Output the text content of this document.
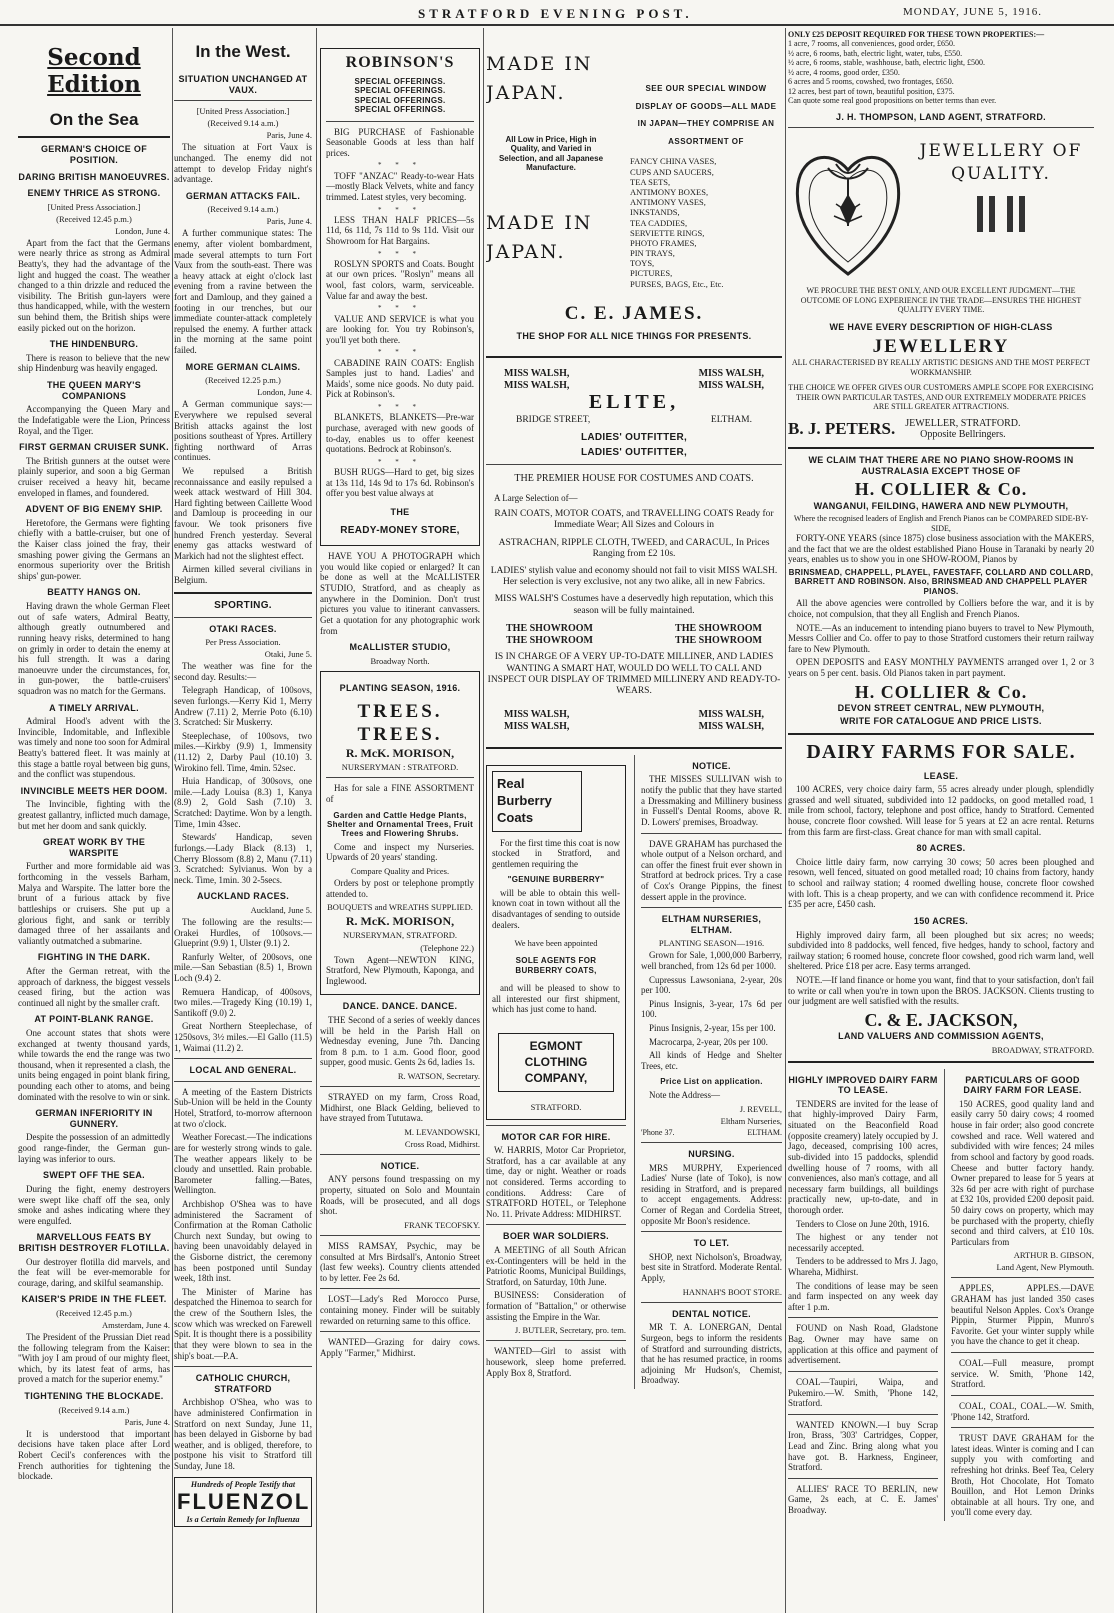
STRATFORD EVENING POST.	MONDAY, JUNE 5, 1916.
Second Edition
On the Sea
GERMAN'S CHOICE OF POSITION.
DARING BRITISH MANOEUVRES.
ENEMY THRICE AS STRONG.
[United Press Association.]
(Received 12.45 p.m.)
London, June 4.

Apart from the fact that the Germans were nearly thrice as strong as Admiral Beatty's, they had the advantage of the light and hugged the coast. The weather changed to a thin drizzle and reduced the visibility. The British gun-layers were thus handicapped, while, with the western sun behind them, the British ships were easily picked out on the horizon.

THE HINDENBURG.

There is reason to believe that the new ship Hindenburg was heavily engaged.

THE QUEEN MARY'S COMPANIONS

Accompanying the Queen Mary and the Indefatigable were the Lion, Princess Royal, and the Tiger.

FIRST GERMAN CRUISER SUNK.

The British gunners at the outset were plainly superior, and soon a big German cruiser received a heavy hit, became enveloped in flames, and foundered.

ADVENT OF BIG ENEMY SHIP.

Heretofore, the Germans were fighting chiefly with a battle-cruiser, but one of the Kaiser class joined the fray, their smashing power giving the Germans an enormous superiority over the British ships' gun-power.

BEATTY HANGS ON.

Having drawn the whole German Fleet out of safe waters, Admiral Beatty, although greatly outnumbered and running heavy risks, determined to hang on grimly in order to detain the enemy at his full strength. It was a daring manoeuvre under the circumstances, for, in gun-power, the battle-cruisers' squadron was no match for the Germans.

A TIMELY ARRIVAL.

Admiral Hood's advent with the Invincible, Indomitable, and Inflexible was timely and none too soon for Admiral Beatty's battered fleet. It was mainly at this stage a battle royal between big guns, and the conflict was stupendous.

INVINCIBLE MEETS HER DOOM.

The Invincible, fighting with the greatest gallantry, inflicted much damage, but met her doom and sank quickly.

GREAT WORK BY THE WARSPITE

Further and more formidable aid was forthcoming in the vessels Barham, Malya and Warspite. The latter bore the brunt of a furious attack by five battleships or cruisers. She put up a glorious fight, and sank or terribly damaged three of her assailants and valiantly outmatched a submarine.

FIGHTING IN THE DARK.

After the German retreat, with the approach of darkness, the biggest vessels ceased firing, but the action was continued all night by the smaller craft.

AT POINT-BLANK RANGE.

One account states that shots were exchanged at twenty thousand yards, while towards the end the range was two thousand, when it represented a clash, the units being engaged in point blank firing, pounding each other to atoms, and being dominated with the resolve to win or sink.

GERMAN INFERIORITY IN GUNNERY.

Despite the possession of an admittedly good range-finder, the German gun-laying was inferior to ours.

SWEPT OFF THE SEA.

During the fight, enemy destroyers were swept like chaff off the sea, only smoke and ashes indicating where they were engulfed.

MARVELLOUS FEATS BY BRITISH DESTROYER FLOTILLA.

Our destroyer flotilla did marvels, and the feat will be ever-memorable for courage, daring, and skilful seamanship.

KAISER'S PRIDE IN THE FLEET.
(Received 12.45 p.m.)
Amsterdam, June 4.

The President of the Prussian Diet read the following telegram from the Kaiser: "With joy I am proud of our mighty fleet, which, by its latest feat of arms, has proved a match for the superior enemy."

TIGHTENING THE BLOCKADE.
(Received 9.14 a.m.)
Paris, June 4.

It is understood that important decisions have taken place after Lord Robert Cecil's conferences with the French authorities for tightening the blockade.

In the West.
SITUATION UNCHANGED AT VAUX.
[United Press Association.]
(Received 9.14 a.m.)
Paris, June 4.

The situation at Fort Vaux is unchanged. The enemy did not attempt to develop Friday night's advantage.

GERMAN ATTACKS FAIL.
(Received 9.14 a.m.)
Paris, June 4.

A further communique states: The enemy, after violent bombardment, made several attempts to turn Fort Vaux from the south-east. There was a heavy attack at eight o'clock last evening from a ravine between the fort and Damloup, and they gained a footing in our trenches, but our immediate counter-attack completely repulsed the enemy. A further attack in the morning at the same point failed.

MORE GERMAN CLAIMS.
(Received 12.25 p.m.)
London, June 4.

A German communique says:— Everywhere we repulsed several British attacks against the lost positions southeast of Ypres. Artillery fighting northward of Arras continues.

We repulsed a British reconnaissance and easily repulsed a week attack westward of Hill 304. Hard fighting between Caillette Wood and Damloup is proceeding in our favour. We took prisoners five hundred French yesterday. Several enemy gas attacks westward of Markich had not the slightest effect.

Airmen killed several civilians in Belgium.

SPORTING.
OTAKI RACES.
Per Press Association.
Otaki, June 5.

The weather was fine for the second day. Results:—

Telegraph Handicap, of 100sovs, seven furlongs.—Kerry Kid 1, Merry Andrew (7.11) 2, Merrie Poto (6.10) 3. Scratched: Sir Muskerry.

Steeplechase, of 100sovs, two miles.—Kirkby (9.9) 1, Immensity (11.12) 2, Darby Paul (10.10) 3. Wirokino fell. Time, 4min. 52sec.

Huia Handicap, of 300sovs, one mile.—Lady Louisa (8.3) 1, Kanya (8.9) 2, Gold Sash (7.10) 3. Scratched: Daytime. Won by a length. Time, 1min 43sec.

Stewards' Handicap, seven furlongs.—Lady Black (8.13) 1, Cherry Blossom (8.8) 2, Manu (7.11) 3. Scratched: Sylvianus. Won by a neck. Time, 1min. 30 2-5secs.

AUCKLAND RACES.
Auckland, June 5.

The following are the results:—Orakei Hurdles, of 100sovs.—Glueprint (9.9) 1, Ulster (9.1) 2.

Ranfurly Welter, of 200sovs, one mile.—San Sebastian (8.5) 1, Brown Loch (9.4) 2.

Remuera Handicap, of 400sovs, two miles.—Tragedy King (10.19) 1, Santikoff (9.0) 2.

Great Northern Steeplechase, of 1250sovs, 3½ miles.—El Gallo (11.5) 1, Waimai (11.2) 2.

LOCAL AND GENERAL.

A meeting of the Eastern Districts Sub-Union will be held in the County Hotel, Stratford, to-morrow afternoon at two o'clock.

Weather Forecast.—The indications are for westerly strong winds to gale. The weather appears likely to be cloudy and unsettled. Rain probable. Barometer falling.—Bates, Wellington.

Archbishop O'Shea was to have administered the Sacrament of Confirmation at the Roman Catholic Church next Sunday, but owing to having been unavoidably delayed in the Gisborne district, the ceremony has been postponed until Sunday week, 18th inst.

The Minister of Marine has despatched the Hinemoa to search for the crew of the Southern Isles, the scow which was wrecked on Farewell Spit. It is thought there is a possibility that they were blown to sea in the ship's boat.—P.A.

CATHOLIC CHURCH, STRATFORD

Archbishop O'Shea, who was to have administered Confirmation in Stratford on next Sunday, June 11, has been delayed in Gisborne by bad weather, and is obliged, therefore, to postpone his visit to Stratford till Sunday, June 18.

Hundreds of People Testify that
FLUENZOL
Is a Certain Remedy for Influenza
ROBINSON'S
SPECIAL OFFERINGS.
SPECIAL OFFERINGS.
SPECIAL OFFERINGS.
SPECIAL OFFERINGS.

BIG PURCHASE of Fashionable Seasonable Goods at less than half prices.

* * *

TOFF "ANZAC" Ready-to-wear Hats —mostly Black Velvets, white and fancy trimmed. Latest styles, very becoming.

* * *

LESS THAN HALF PRICES—5s 11d, 6s 11d, 7s 11d to 9s 11d. Visit our Showroom for Hat Bargains.

* * *

ROSLYN SPORTS and Coats. Bought at our own prices. "Roslyn" means all wool, fast colors, warm, serviceable. Value far and away the best.

* * *

VALUE AND SERVICE is what you are looking for. You try Robinson's, you'll yet both there.

* * *

CABADINE RAIN COATS: English Samples just to hand. Ladies' and Maids', some nice goods. No duty paid. Pick at Robinson's.

* * *

BLANKETS, BLANKETS—Pre-war purchase, averaged with new goods of to-day, enables us to offer keenest quotations. Bedrock at Robinson's.

* * *

BUSH RUGS—Hard to get, big sizes at 13s 11d, 14s 9d to 17s 6d. Robinson's offer you best value always at

THE
READY-MONEY STORE,

HAVE YOU A PHOTOGRAPH which you would like copied or enlarged? It can be done as well at the McALLISTER STUDIO, Stratford, and as cheaply as anywhere in the Dominion. Don't trust pictures you value to itinerant canvassers. Get a quotation for any photographic work from

McALLISTER STUDIO,
Broadway North.
PLANTING SEASON, 1916.
TREES.
TREES.
R. McK. MORISON,
NURSERYMAN : STRATFORD.

Has for sale a FINE ASSORTMENT of

Garden and Cattle Hedge Plants, Shelter and Ornamental Trees, Fruit Trees and Flowering Shrubs.

Come and inspect my Nurseries. Upwards of 20 years' standing.

Compare Quality and Prices.

Orders by post or telephone promptly attended to.

BOUQUETS and WREATHS SUPPLIED.
R. McK. MORISON,
NURSERYMAN, STRATFORD.
(Telephone 22.)

Town Agent—NEWTON KING, Stratford, New Plymouth, Kaponga, and Inglewood.

DANCE. DANCE. DANCE.

THE Second of a series of weekly dances will be held in the Parish Hall on Wednesday evening, June 7th. Dancing from 8 p.m. to 1 a.m. Good floor, good supper, good music. Gents 2s 6d, ladies 1s.

R. WATSON, Secretary.

STRAYED on my farm, Cross Road, Midhirst, one Black Gelding, believed to have strayed from Tututawa.

M. LEVANDOWSKI,
Cross Road, Midhirst.
NOTICE.

ANY persons found trespassing on my property, situated on Solo and Mountain Roads, will be prosecuted, and all dogs shot.

FRANK TECOFSKY.

MISS RAMSAY, Psychic, may be consulted at Mrs Birdsall's, Antonio Street (last few weeks). Country clients attended to by letter. Fee 2s 6d.

LOST—Lady's Red Morocco Purse, containing money. Finder will be suitably rewarded on returning same to this office.

WANTED—Grazing for dairy cows. Apply "Farmer," Midhirst.

MADE IN JAPAN.
All Low in Price, High in Quality, and Varied in Selection, and all Japanese Manufacture.
MADE IN JAPAN.
SEE OUR SPECIAL WINDOW DISPLAY OF GOODS—ALL MADE IN JAPAN—THEY COMPRISE AN ASSORTMENT OF
FANCY CHINA VASES,
CUPS AND SAUCERS,
TEA SETS,
ANTIMONY BOXES,
ANTIMONY VASES,
INKSTANDS,
TEA CADDIES,
SERVIETTE RINGS,
PHOTO FRAMES,
PIN TRAYS,
TOYS,
PICTURES,
PURSES, BAGS, Etc., Etc.
C. E. JAMES.
THE SHOP FOR ALL NICE THINGS FOR PRESENTS.
MISS WALSH,	MISS WALSH,
MISS WALSH,	MISS WALSH,
ELITE,
BRIDGE STREET,	ELTHAM.
LADIES' OUTFITTER,
LADIES' OUTFITTER,
THE PREMIER HOUSE FOR COSTUMES AND COATS.

A Large Selection of—

RAIN COATS, MOTOR COATS, and TRAVELLING COATS Ready for Immediate Wear; All Sizes and Colours in
ASTRACHAN, RIPPLE CLOTH, TWEED, and CARACUL, In Prices Ranging from £2 10s.
LADIES' stylish value and economy should not fail to visit MISS WALSH. Her selection is very exclusive, not any two alike, all in new Fabrics.
MISS WALSH'S Costumes have a deservedly high reputation, which this season will be fully maintained.
THE SHOWROOM	THE SHOWROOM
THE SHOWROOM	THE SHOWROOM
IS IN CHARGE OF A VERY UP-TO-DATE MILLINER, AND LADIES WANTING A SMART HAT, WOULD DO WELL TO CALL AND INSPECT OUR DISPLAY OF TRIMMED MILLINERY AND READY-TO-WEARS.
MISS WALSH,	MISS WALSH,
MISS WALSH,	MISS WALSH,
Real Burberry Coats

For the first time this coat is now stocked in Stratford, and gentlemen requiring the

"GENUINE BURBERRY"

will be able to obtain this well-known coat in town without all the disadvantages of sending to outside dealers.

We have been appointed
SOLE AGENTS FOR BURBERRY COATS,

and will be pleased to show to all interested our first shipment, which has just come to hand.

EGMONT CLOTHING COMPANY,
STRATFORD.
MOTOR CAR FOR HIRE.

W. HARRIS, Motor Car Proprietor, Stratford, has a car available at any time, day or night. Weather or roads not considered. Terms according to conditions. Address: Care of STRATFORD HOTEL, or Telephone No. 11. Private Address: MIDHIRST.

BOER WAR SOLDIERS.

A MEETING of all South African ex-Contingenters will be held in the Patriotic Rooms, Municipal Buildings, Stratford, on Saturday, 10th June.

BUSINESS: Consideration of formation of "Battalion," or otherwise assisting the Empire in the War.

J. BUTLER, Secretary, pro. tem.

WANTED—Girl to assist with housework, sleep home preferred. Apply Box 8, Stratford.

NOTICE.

THE MISSES SULLIVAN wish to notify the public that they have started a Dressmaking and Millinery business in Fussell's Dental Rooms, above R. D. Lowers' premises, Broadway.

DAVE GRAHAM has purchased the whole output of a Nelson orchard, and can offer the finest fruit ever shown in Stratford at bedrock prices. Try a case of Cox's Orange Pippins, the finest dessert apple in the province.

ELTHAM NURSERIES, ELTHAM.
PLANTING SEASON—1916.

Grown for Sale, 1,000,000 Barberry, well branched, from 12s 6d per 1000.

Cupressus Lawsoniana, 2-year, 20s per 100.

Pinus Insignis, 3-year, 17s 6d per 100.

Pinus Insignis, 2-year, 15s per 100.

Macrocarpa, 2-year, 20s per 100.

All kinds of Hedge and Shelter Trees, etc.

Price List on application.

Note the Address—

J. REVELL,
Eltham Nurseries,
'Phone 37.	ELTHAM.
NURSING.

MRS MURPHY, Experienced Ladies' Nurse (late of Toko), is now residing in Stratford, and is prepared to accept engagements. Address: Corner of Regan and Cordelia Street, opposite Mr Boon's residence.

TO LET.

SHOP, next Nicholson's, Broadway, best site in Stratford. Moderate Rental. Apply,

HANNAH'S BOOT STORE.
DENTAL NOTICE.

MR T. A. LONERGAN, Dental Surgeon, begs to inform the residents of Stratford and surrounding districts, that he has resumed practice, in rooms adjoining Mr Hudson's, Chemist, Broadway.

ONLY £25 DEPOSIT REQUIRED FOR THESE TOWN PROPERTIES:—
1 acre, 7 rooms, all conveniences, good order, £650.
½ acre, 6 rooms, bath, electric light, water, tubs, £550.
½ acre, 6 rooms, stable, washhouse, bath, electric light, £500.
½ acre, 4 rooms, good order, £350.
6 acres and 5 rooms, cowshed, two frontages, £650.
12 acres, best part of town, beautiful position, £375.
Can quote some real good propositions on better terms than ever.
J. H. THOMPSON, LAND AGENT, STRATFORD.
JEWELLERY OF QUALITY.
WE PROCURE THE BEST ONLY, AND OUR EXCELLENT JUDGMENT—THE OUTCOME OF LONG EXPERIENCE IN THE TRADE—ENSURES THE HIGHEST QUALITY EVERY TIME.
WE HAVE EVERY DESCRIPTION OF HIGH-CLASS
JEWELLERY
ALL CHARACTERISED BY REALLY ARTISTIC DESIGNS AND THE MOST PERFECT WORKMANSHIP.
THE CHOICE WE OFFER GIVES OUR CUSTOMERS AMPLE SCOPE FOR EXERCISING THEIR OWN PARTICULAR TASTES, AND OUR EXTREMELY MODERATE PRICES ARE STILL GREATER ATTRACTIONS.
B. J. PETERS. JEWELLER, STRATFORD.
Opposite Bellringers.
WE CLAIM THAT THERE ARE NO PIANO SHOW-ROOMS IN AUSTRALASIA EXCEPT THOSE OF
H. COLLIER & Co.
WANGANUI, FEILDING, HAWERA AND NEW PLYMOUTH,
Where the recognised leaders of English and French Pianos can be COMPARED SIDE-BY-SIDE,

FORTY-ONE YEARS (since 1875) close business association with the MAKERS, and the fact that we are the oldest established Piano House in Taranaki by nearly 20 years, enables us to show you in one SHOW-ROOM, Pianos by

BRINSMEAD, CHAPPELL, PLAYEL, FAVESTAFF, COLLARD AND COLLARD, BARRETT AND ROBINSON. Also, BRINSMEAD AND CHAPPELL PLAYER PIANOS.

All the above agencies were controlled by Colliers before the war, and it is by choice, not compulsion, that they all English and French Pianos.

NOTE.—As an inducement to intending piano buyers to travel to New Plymouth, Messrs Collier and Co. offer to pay to those Stratford customers their return railway fare to New Plymouth.

OPEN DEPOSITS and EASY MONTHLY PAYMENTS arranged over 1, 2 or 3 years on 5 per cent. basis. Old Pianos taken in part payment.

H. COLLIER & Co.
DEVON STREET CENTRAL, NEW PLYMOUTH,
WRITE FOR CATALOGUE AND PRICE LISTS.
DAIRY FARMS FOR SALE.
LEASE.

100 ACRES, very choice dairy farm, 55 acres already under plough, splendidly grassed and well situated, subdivided into 12 paddocks, on good metalled road, 1 mile from school, factory, telephone and post office, handy to Stratford. Cemented house, concrete floor cowshed. Will lease for 5 years at £2 an acre rental. Returns from this farm are first-class. Great chance for man with small capital.

80 ACRES.

Choice little dairy farm, now carrying 30 cows; 50 acres been ploughed and resown, well fenced, situated on good metalled road; 10 chains from factory, handy to school and railway station; 4 roomed dwelling house, concrete floor cowshed with loft. This is a cheap property, and we can with confidence recommend it. Price £35 per acre, £450 cash.

150 ACRES.

Highly improved dairy farm, all been ploughed but six acres; no weeds; subdivided into 8 paddocks, well fenced, five hedges, handy to school, factory and railway station; 6 roomed house, concrete floor cowshed, good rich warm land, well sheltered. Price £18 per acre. Easy terms arranged.

NOTE.—If land finance or home you want, find that to your satisfaction, don't fail to write or call when you're in town upon the BROS. JACKSON. Clients trusting to our judgment are well satisfied with the results.

C. & E. JACKSON,
LAND VALUERS AND COMMISSION AGENTS,
BROADWAY, STRATFORD.
HIGHLY IMPROVED DAIRY FARM TO LEASE.

TENDERS are invited for the lease of that highly-improved Dairy Farm, situated on the Beaconfield Road (opposite creamery) lately occupied by J. Jago, deceased, comprising 100 acres, sub-divided into 15 paddocks, splendid dwelling house of 7 rooms, with all conveniences, also man's cottage, and all necessary farm buildings, all buildings practically new, up-to-date, and in thorough order.

Tenders to Close on June 20th, 1916.

The highest or any tender not necessarily accepted.

Tenders to be addressed to Mrs J. Jago, Whareha, Midhirst.

The conditions of lease may be seen and farm inspected on any week day after 1 p.m.

FOUND on Nash Road, Gladstone Bag. Owner may have same on application at this office and payment of advertisement.

COAL—Taupiri, Waipa, and Pukemiro.—W. Smith, 'Phone 142, Stratford.

WANTED KNOWN.—I buy Scrap Iron, Brass, '303' Cartridges, Copper, Lead and Zinc. Bring along what you have got. B. Harkness, Engineer, Stratford.

ALLIES' RACE TO BERLIN, new Game, 2s each, at C. E. James' Broadway.

PARTICULARS OF GOOD DAIRY FARM FOR LEASE.

150 ACRES, good quality land and easily carry 50 dairy cows; 4 roomed house in fair order; also good concrete cowshed and race. Well watered and subdivided with wire fences; 24 miles from school and factory by good roads. Cheese and butter factory handy. Owner prepared to lease for 5 years at 32s 6d per acre with right of purchase at £32 10s, provided £200 deposit paid. 50 dairy cows on property, which may be purchased with the property, chiefly second and third calvers, at £10 10s. Particulars from

ARTHUR B. GIBSON,
Land Agent, New Plymouth.

APPLES, APPLES.—DAVE GRAHAM has just landed 350 cases beautiful Nelson Apples. Cox's Orange Pippin, Sturmer Pippin, Munro's Favorite. Get your winter supply while you have the chance to get it cheap.

COAL—Full measure, prompt service. W. Smith, 'Phone 142, Stratford.

COAL, COAL, COAL.—W. Smith, 'Phone 142, Stratford.

TRUST DAVE GRAHAM for the latest ideas. Winter is coming and I can supply you with comforting and refreshing hot drinks. Beef Tea, Celery Broth, Hot Chocolate, Hot Tomato Bouillon, and Hot Lemon Drinks obtainable at all hours. Try one, and you'll come every day.
